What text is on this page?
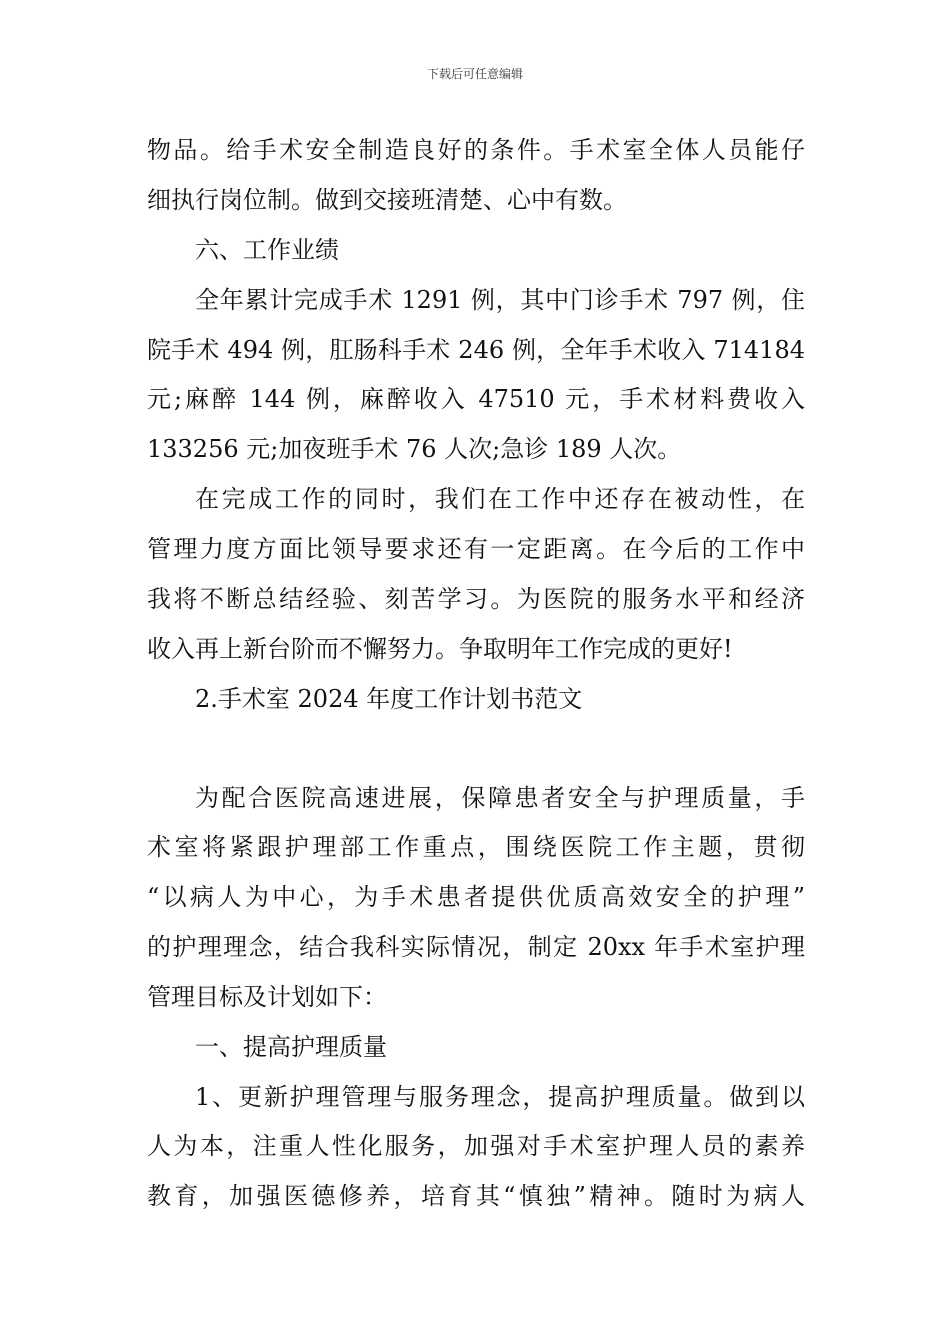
下载后可任意编辑
物品。给手术安全制造良好的条件。手术室全体人员能仔
细执行岗位制。做到交接班清楚、心中有数。
六、工作业绩
全年累计完成手术 1291 例，其中门诊手术 797 例，住
院手术 494 例，肛肠科手术 246 例，全年手术收入 714184
元;麻醉 144 例，麻醉收入 47510 元，手术材料费收入
133256 元;加夜班手术 76 人次;急诊 189 人次。
在完成工作的同时，我们在工作中还存在被动性，在
管理力度方面比领导要求还有一定距离。在今后的工作中
我将不断总结经验、刻苦学习。为医院的服务水平和经济
收入再上新台阶而不懈努力。争取明年工作完成的更好!
2.手术室 2024 年度工作计划书范文
为配合医院高速进展，保障患者安全与护理质量，手
术室将紧跟护理部工作重点，围绕医院工作主题，贯彻
“以病人为中心，为手术患者提供优质高效安全的护理”
的护理理念，结合我科实际情况，制定 20xx 年手术室护理
管理目标及计划如下：
一、提高护理质量
1、更新护理管理与服务理念，提高护理质量。做到以
人为本，注重人性化服务，加强对手术室护理人员的素养
教育，加强医德修养，培育其“慎独”精神。随时为病人
